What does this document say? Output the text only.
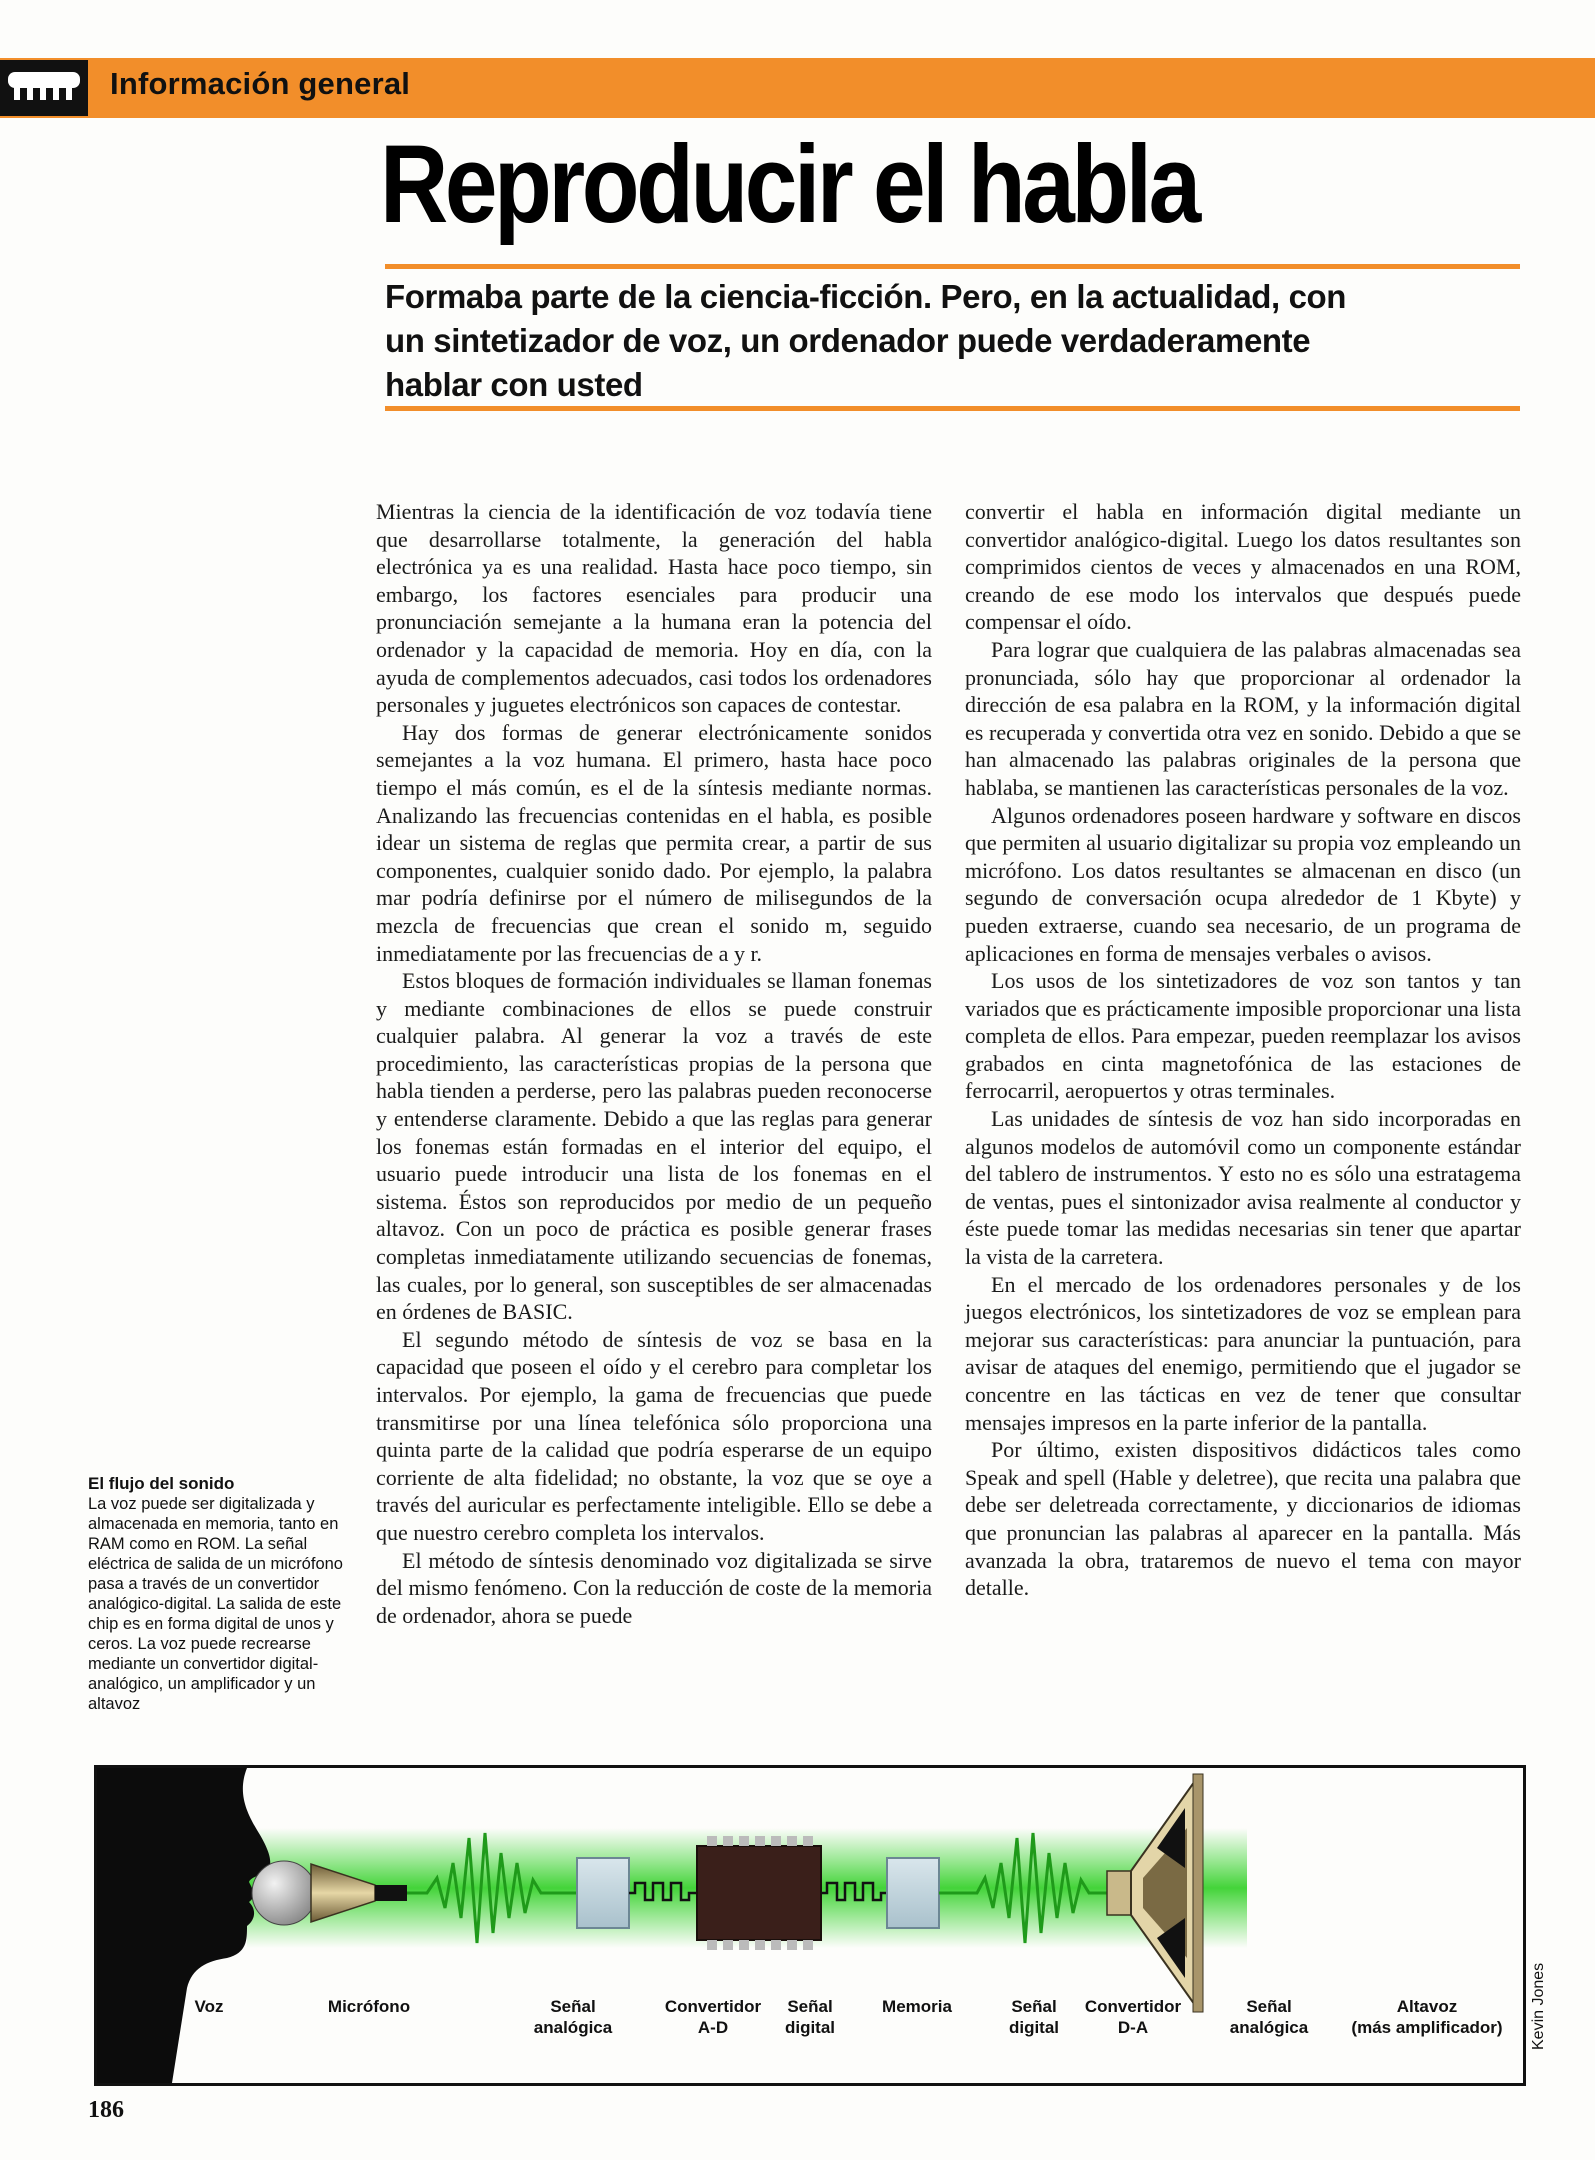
Información general
Reproducir el habla
Formaba parte de la ciencia-ficción. Pero, en la actualidad, con
un sintetizador de voz, un ordenador puede verdaderamente
hablar con usted

Mientras la ciencia de la identificación de voz todavía tiene que desarrollarse totalmente, la generación del habla electrónica ya es una realidad. Hasta hace poco tiempo, sin embargo, los factores esenciales para producir una pronunciación semejante a la humana eran la potencia del ordenador y la capacidad de memoria. Hoy en día, con la ayuda de complementos adecuados, casi todos los ordenadores personales y juguetes electrónicos son capaces de contestar.

Hay dos formas de generar electrónicamente sonidos semejantes a la voz humana. El primero, hasta hace poco tiempo el más común, es el de la síntesis mediante normas. Analizando las frecuencias contenidas en el habla, es posible idear un sistema de reglas que permita crear, a partir de sus componentes, cualquier sonido dado. Por ejemplo, la palabra mar podría definirse por el número de milisegundos de la mezcla de frecuencias que crean el sonido m, seguido inmediatamente por las frecuencias de a y r.

Estos bloques de formación individuales se llaman fonemas y mediante combinaciones de ellos se puede construir cualquier palabra. Al generar la voz a través de este procedimiento, las características propias de la persona que habla tienden a perderse, pero las palabras pueden reconocerse y entenderse claramente. Debido a que las reglas para generar los fonemas están formadas en el interior del equipo, el usuario puede introducir una lista de los fonemas en el sistema. Éstos son reproducidos por medio de un pequeño altavoz. Con un poco de práctica es posible generar frases completas inmediatamente utilizando secuencias de fonemas, las cuales, por lo general, son susceptibles de ser almacenadas en órdenes de BASIC.

El segundo método de síntesis de voz se basa en la capacidad que poseen el oído y el cerebro para completar los intervalos. Por ejemplo, la gama de frecuencias que puede transmitirse por una línea telefónica sólo proporciona una quinta parte de la calidad que podría esperarse de un equipo corriente de alta fidelidad; no obstante, la voz que se oye a través del auricular es perfectamente inteligible. Ello se debe a que nuestro cerebro completa los intervalos.

El método de síntesis denominado voz digitalizada se sirve del mismo fenómeno. Con la reducción de coste de la memoria de ordenador, ahora se puede

convertir el habla en información digital mediante un convertidor analógico-digital. Luego los datos resultantes son comprimidos cientos de veces y almacenados en una ROM, creando de ese modo los intervalos que después puede compensar el oído.

Para lograr que cualquiera de las palabras almacenadas sea pronunciada, sólo hay que proporcionar al ordenador la dirección de esa palabra en la ROM, y la información digital es recuperada y convertida otra vez en sonido. Debido a que se han almacenado las palabras originales de la persona que hablaba, se mantienen las características personales de la voz.

Algunos ordenadores poseen hardware y software en discos que permiten al usuario digitalizar su propia voz empleando un micrófono. Los datos resultantes se almacenan en disco (un segundo de conversación ocupa alrededor de 1 Kbyte) y pueden extraerse, cuando sea necesario, de un programa de aplicaciones en forma de mensajes verbales o avisos.

Los usos de los sintetizadores de voz son tantos y tan variados que es prácticamente imposible proporcionar una lista completa de ellos. Para empezar, pueden reemplazar los avisos grabados en cinta magnetofónica de las estaciones de ferrocarril, aeropuertos y otras terminales.

Las unidades de síntesis de voz han sido incorporadas en algunos modelos de automóvil como un componente estándar del tablero de instrumentos. Y esto no es sólo una estratagema de ventas, pues el sintonizador avisa realmente al conductor y éste puede tomar las medidas necesarias sin tener que apartar la vista de la carretera.

En el mercado de los ordenadores personales y de los juegos electrónicos, los sintetizadores de voz se emplean para mejorar sus características: para anunciar la puntuación, para avisar de ataques del enemigo, permitiendo que el jugador se concentre en las tácticas en vez de tener que consultar mensajes impresos en la parte inferior de la pantalla.

Por último, existen dispositivos didácticos tales como Speak and spell (Hable y deletree), que recita una palabra que debe ser deletreada correctamente, y diccionarios de idiomas que pronuncian las palabras al aparecer en la pantalla. Más avanzada la obra, trataremos de nuevo el tema con mayor detalle.

El flujo del sonido
La voz puede ser digitalizada y almacenada en memoria, tanto en RAM como en ROM. La señal eléctrica de salida de un micrófono pasa a través de un convertidor analógico-digital. La salida de este chip es en forma digital de unos y ceros. La voz puede recrearse mediante un convertidor digital-analógico, un amplificador y un altavoz
Voz	Micrófono	Señal
analógica
Convertidor
A-D
Señal
digital
Memoria	Señal
digital
Convertidor
D-A
Señal
analógica
Altavoz
(más amplificador) Kevin Jones
186
